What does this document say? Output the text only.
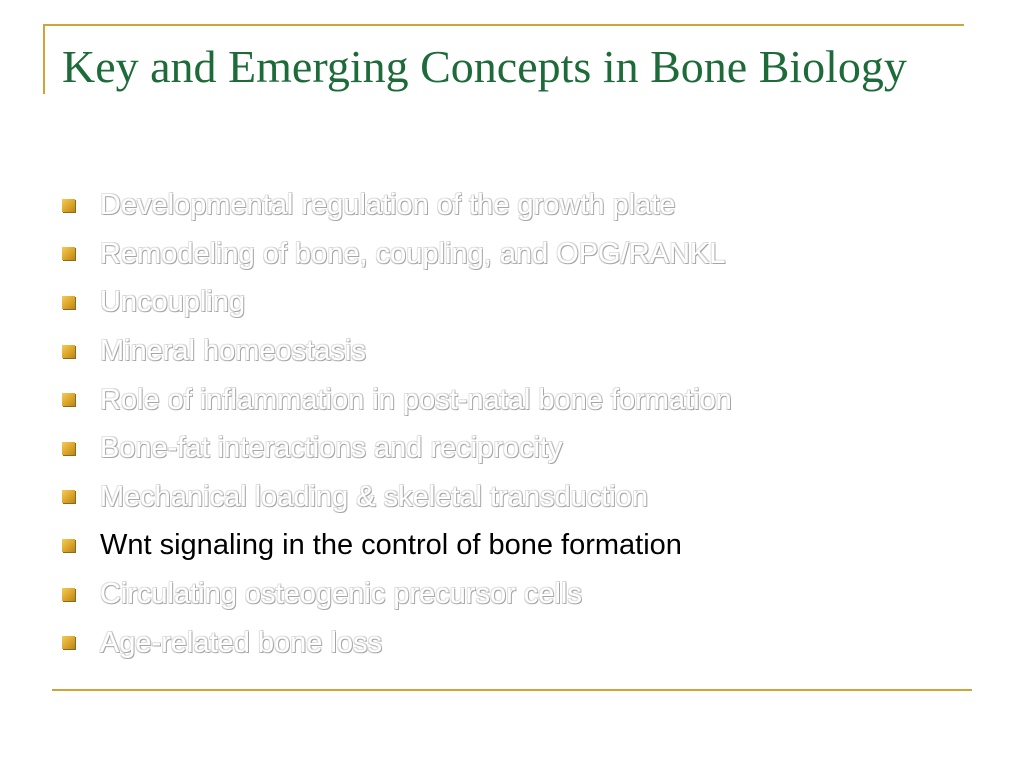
Key and Emerging Concepts in Bone Biology
Developmental regulation of the growth plate
Remodeling of bone, coupling, and OPG/RANKL
Uncoupling
Mineral homeostasis
Role of inflammation in post-natal bone formation
Bone-fat interactions and reciprocity
Mechanical loading & skeletal transduction
Wnt signaling in the control of bone formation
Circulating osteogenic precursor cells
Age-related bone loss
